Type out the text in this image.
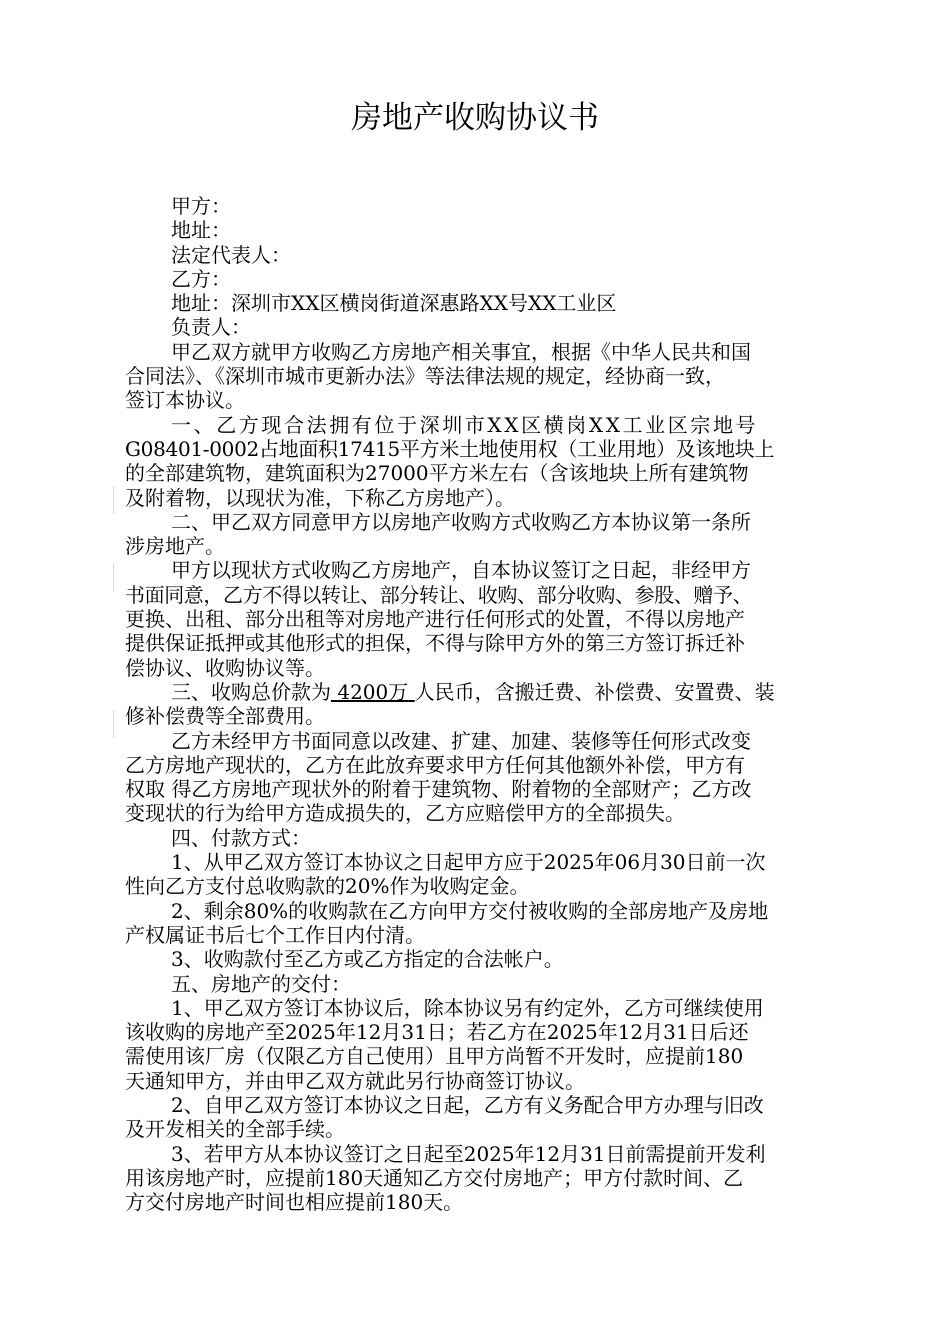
房地产收购协议书
甲方：
地址：
法定代表人：
乙方：
地址：深圳市XX区横岗街道深惠路XX号XX工业区
负责人：
甲乙双方就甲方收购乙方房地产相关事宜，根据《中华人民共和国
合同法》、《深圳市城市更新办法》等法律法规的规定，经协商一致，
签订本协议。
一、乙方现合法拥有位于深圳市XX区横岗XX工业区宗地号
G08401-0002占地面积17415平方米土地使用权（工业用地）及该地块上
的全部建筑物，建筑面积为27000平方米左右（含该地块上所有建筑物
及附着物，以现状为准，下称乙方房地产）。
二、甲乙双方同意甲方以房地产收购方式收购乙方本协议第一条所
涉房地产。
甲方以现状方式收购乙方房地产，自本协议签订之日起，非经甲方
书面同意，乙方不得以转让、部分转让、收购、部分收购、参股、赠予、
更换、出租、部分出租等对房地产进行任何形式的处置，不得以房地产
提供保证抵押或其他形式的担保，不得与除甲方外的第三方签订拆迁补
偿协议、收购协议等。
三、收购总价款为 4200万 人民币，含搬迁费、补偿费、安置费、装
修补偿费等全部费用。
乙方未经甲方书面同意以改建、扩建、加建、装修等任何形式改变
乙方房地产现状的，乙方在此放弃要求甲方任何其他额外补偿，甲方有
权取 得乙方房地产现状外的附着于建筑物、附着物的全部财产；乙方改
变现状的行为给甲方造成损失的，乙方应赔偿甲方的全部损失。
四、付款方式：
1、从甲乙双方签订本协议之日起甲方应于2025年06月30日前一次
性向乙方支付总收购款的20%作为收购定金。
2、剩余80%的收购款在乙方向甲方交付被收购的全部房地产及房地
产权属证书后七个工作日内付清。
3、收购款付至乙方或乙方指定的合法帐户。
五、房地产的交付：
1、甲乙双方签订本协议后，除本协议另有约定外，乙方可继续使用
该收购的房地产至2025年12月31日；若乙方在2025年12月31日后还
需使用该厂房（仅限乙方自己使用）且甲方尚暂不开发时，应提前180
天通知甲方，并由甲乙双方就此另行协商签订协议。
2、自甲乙双方签订本协议之日起，乙方有义务配合甲方办理与旧改
及开发相关的全部手续。
3、若甲方从本协议签订之日起至2025年12月31日前需提前开发利
用该房地产时，应提前180天通知乙方交付房地产；甲方付款时间、乙
方交付房地产时间也相应提前180天。
